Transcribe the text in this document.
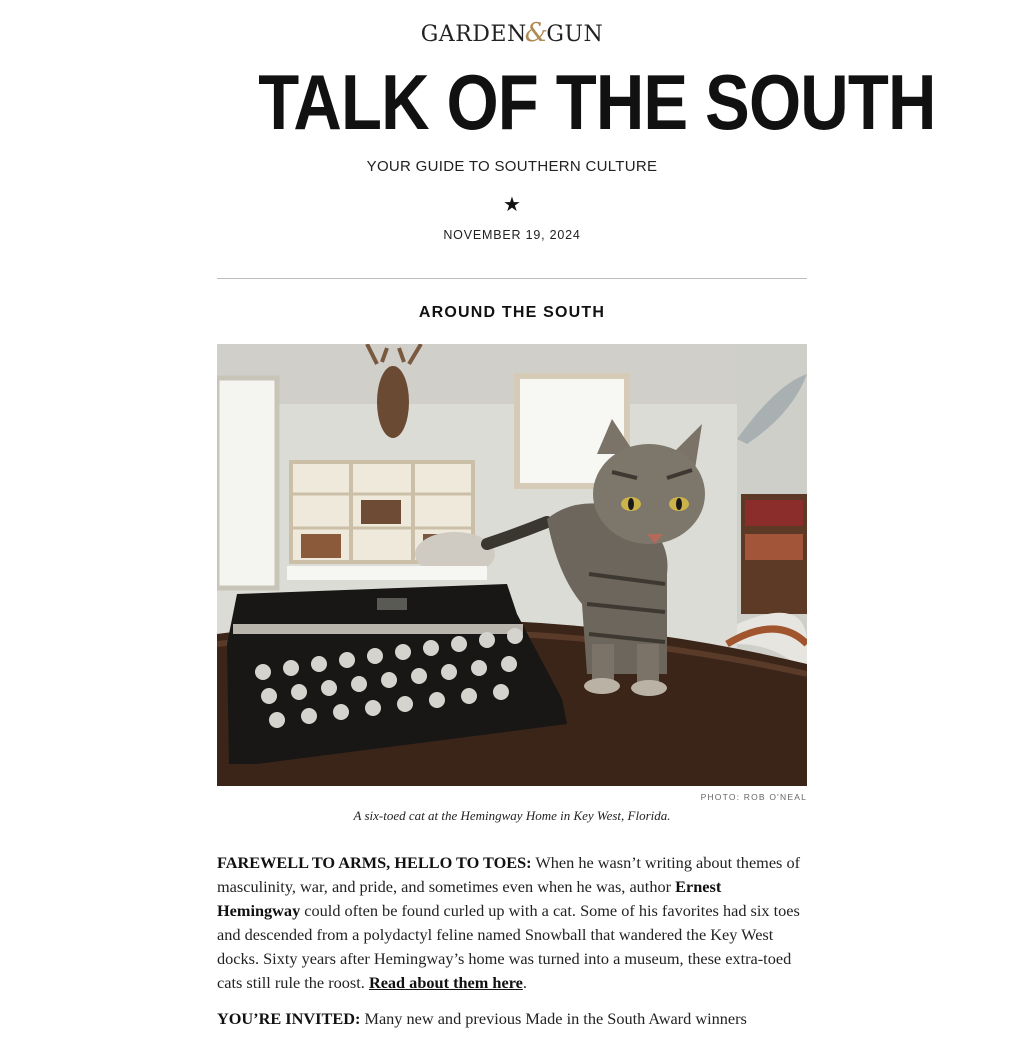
GARDEN&GUN
TALK OF THE SOUTH
YOUR GUIDE TO SOUTHERN CULTURE
★
NOVEMBER 19, 2024
AROUND THE SOUTH
PHOTO: ROB O'NEAL
A six-toed cat at the Hemingway Home in Key West, Florida.

FAREWELL TO ARMS, HELLO TO TOES: When he wasn’t writing about themes of masculinity, war, and pride, and sometimes even when he was, author Ernest Hemingway could often be found curled up with a cat. Some of his favorites had six toes and descended from a polydactyl feline named Snowball that wandered the Key West docks. Sixty years after Hemingway’s home was turned into a museum, these extra-toed cats still rule the roost. Read about them here.

YOU’RE INVITED: Many new and previous Made in the South Award winners
